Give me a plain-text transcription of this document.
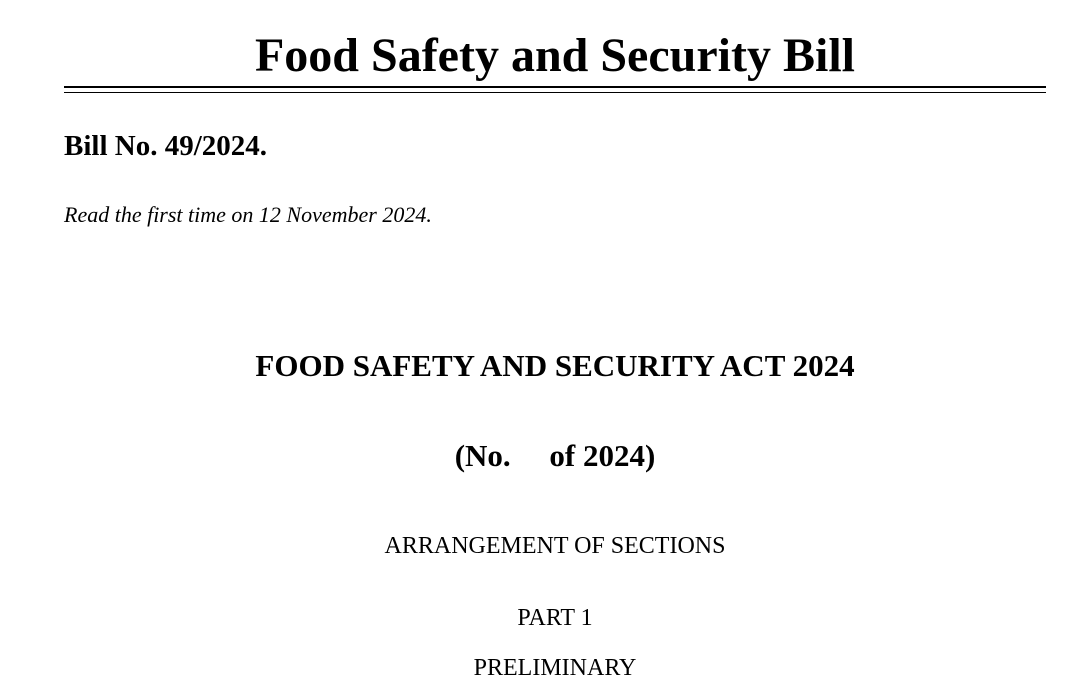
Food Safety and Security Bill

Bill No. 49/2024.

Read the first time on 12 November 2024.

FOOD SAFETY AND SECURITY ACT 2024

(No.     of 2024)

ARRANGEMENT OF SECTIONS

PART 1

PRELIMINARY
